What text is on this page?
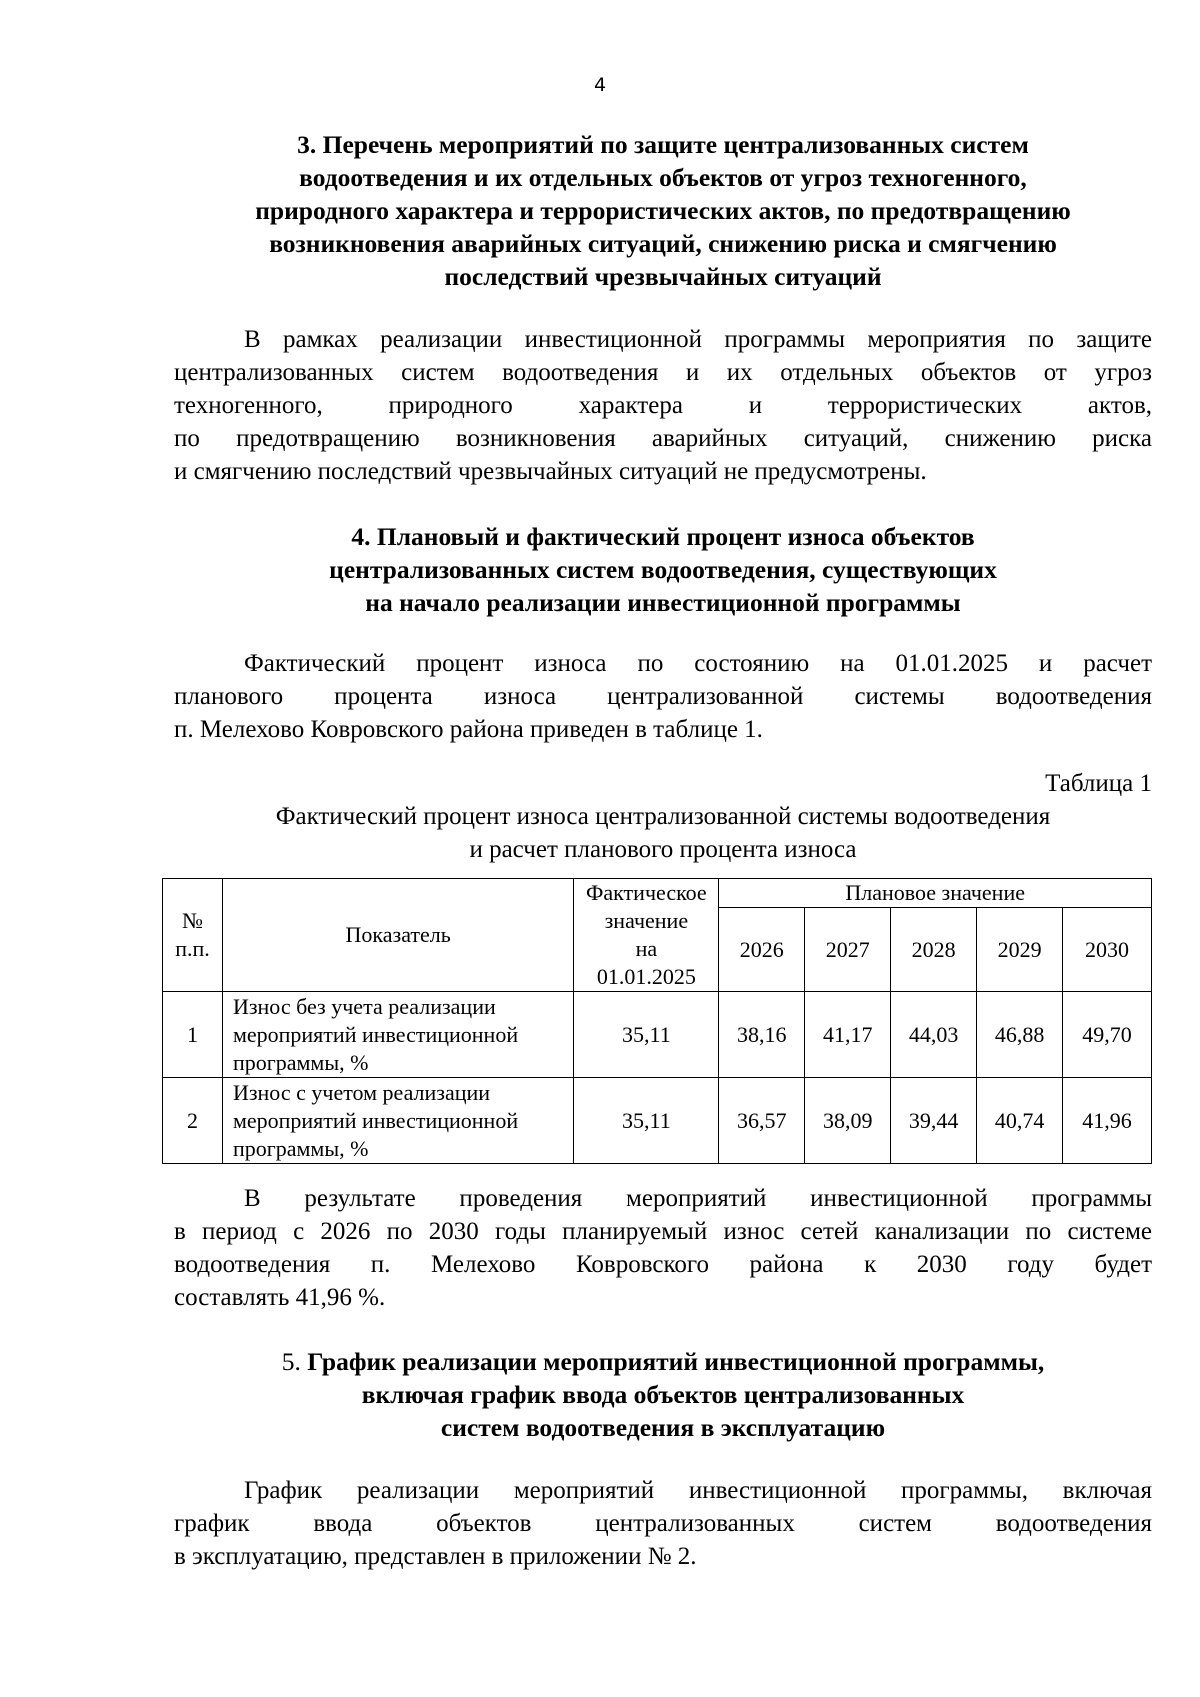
4
3. Перечень мероприятий по защите централизованных систем
водоотведения и их отдельных объектов от угроз техногенного,
природного характера и террористических актов, по предотвращению
возникновения аварийных ситуаций, снижению риска и смягчению
последствий чрезвычайных ситуаций

В рамках реализации инвестиционной программы мероприятия по защите
централизованных систем водоотведения и их отдельных объектов от угроз
техногенного, природного характера и террористических актов,
по предотвращению возникновения аварийных ситуаций, снижению риска
и смягчению последствий чрезвычайных ситуаций не предусмотрены.

4. Плановый и фактический процент износа объектов
централизованных систем водоотведения, существующих
на начало реализации инвестиционной программы

Фактический процент износа по состоянию на 01.01.2025 и расчет
планового процента износа централизованной системы водоотведения
п. Мелехово Ковровского района приведен в таблице 1.

Таблица 1

Фактический процент износа централизованной системы водоотведения
и расчет планового процента износа

№
п.п.	Показатель	Фактическое
значение
на
01.01.2025	Плановое значение				
			2026	2027	2028	2029	2030
1	Износ без учета реализации
мероприятий инвестиционной
программы, %	35,11	38,16	41,17	44,03	46,88	49,70
2	Износ с учетом реализации
мероприятий инвестиционной
программы, %	35,11	36,57	38,09	39,44	40,74	41,96

В результате проведения мероприятий инвестиционной программы
в период с 2026 по 2030 годы планируемый износ сетей канализации по системе
водоотведения п. Мелехово Ковровского района к 2030 году будет
составлять 41,96 %.

5. График реализации мероприятий инвестиционной программы,
включая график ввода объектов централизованных
систем водоотведения в эксплуатацию

График реализации мероприятий инвестиционной программы, включая
график ввода объектов централизованных систем водоотведения
в эксплуатацию, представлен в приложении № 2.
